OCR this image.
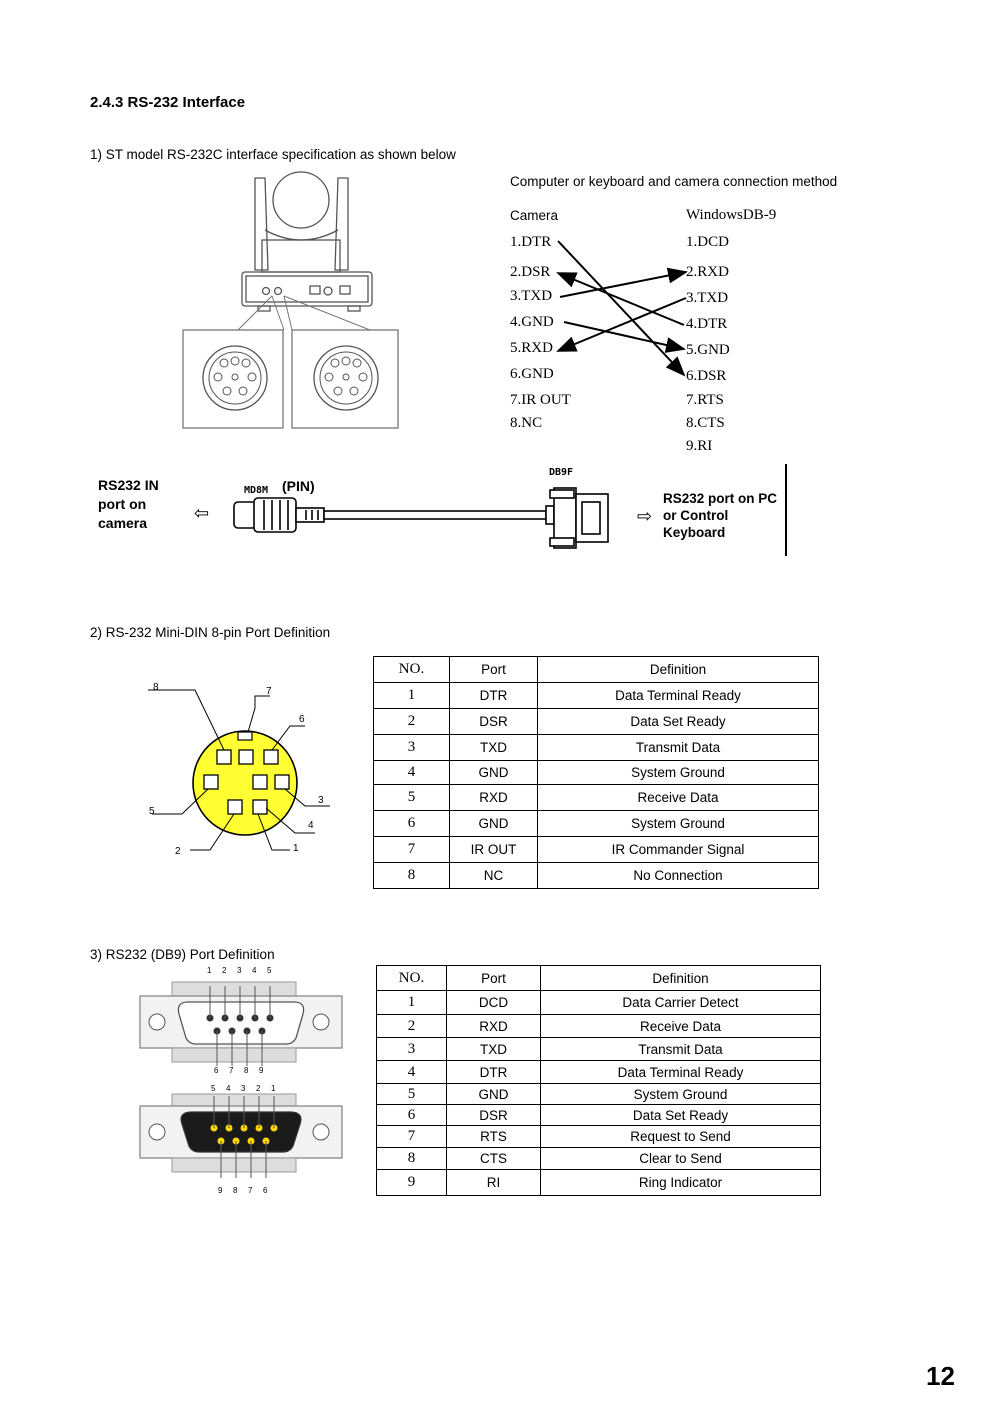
2.4.3 RS-232 Interface
1) ST model RS-232C interface specification as shown below
Computer or keyboard and camera connection method
Camera	WindowsDB-9
1.DTR
2.DSR
3.TXD
4.GND
5.RXD
6.GND
7.IR OUT
8.NC
1.DCD
2.RXD
3.TXD
4.DTR
5.GND
6.DSR
7.RTS
8.CTS
9.RI
RS232 IN port on camera	⇦
MD8M (PIN)
DB9F
⇨
RS232 port on PC or Control Keyboard
2) RS-232 Mini-DIN 8-pin Port Definition
8	7
6
5
3
4
2	1
NO.	Port	Definition
1	DTR	Data Terminal Ready
2	DSR	Data Set Ready
3	TXD	Transmit Data
4	GND	System Ground
5	RXD	Receive Data
6	GND	System Ground
7	IR OUT	IR Commander Signal
8	NC	No Connection
3) RS232 (DB9) Port Definition
1 2 3 4 5
6 7 8 9
5 4 3 2 1
9 8 7 6
NO.	Port	Definition
1	DCD	Data Carrier Detect
2	RXD	Receive Data
3	TXD	Transmit Data
4	DTR	Data Terminal Ready
5	GND	System Ground
6	DSR	Data Set Ready
7	RTS	Request to Send
8	CTS	Clear to Send
9	RI	Ring Indicator
12
